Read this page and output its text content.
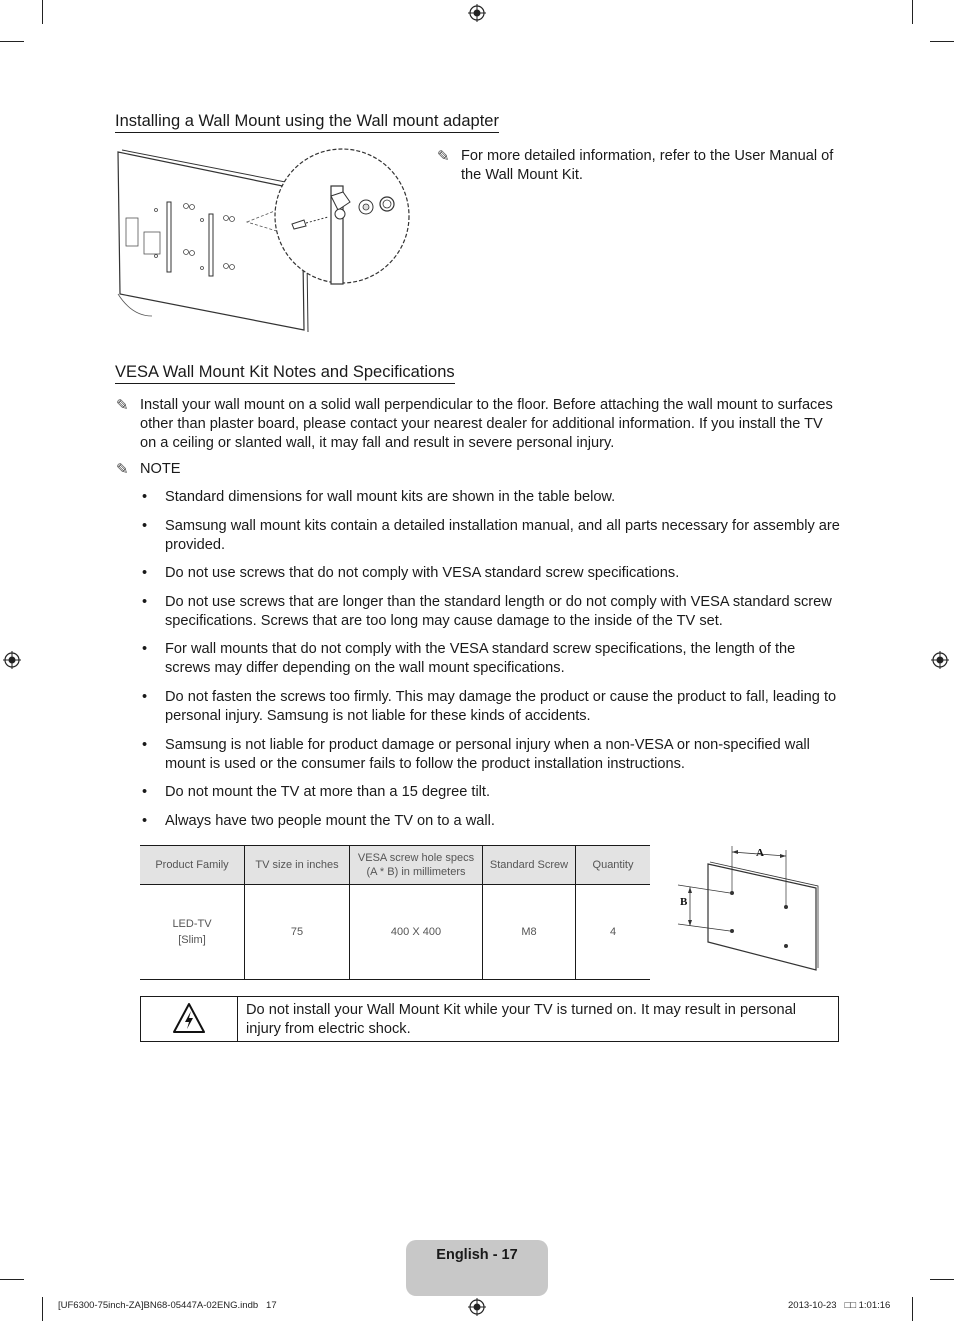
Installing a Wall Mount using the Wall mount adapter
✎ For more detailed information, refer to the User Manual of the Wall Mount Kit.
VESA Wall Mount Kit Notes and Specifications
✎ Install your wall mount on a solid wall perpendicular to the floor. Before attaching the wall mount to surfaces other than plaster board, please contact your nearest dealer for additional information. If you install the TV on a ceiling or slanted wall, it may fall and result in severe personal injury.
✎ NOTE
• Standard dimensions for wall mount kits are shown in the table below.
• Samsung wall mount kits contain a detailed installation manual, and all parts necessary for assembly are provided.
• Do not use screws that do not comply with VESA standard screw specifications.
• Do not use screws that are longer than the standard length or do not comply with VESA standard screw specifications. Screws that are too long may cause damage to the inside of the TV set.
• For wall mounts that do not comply with the VESA standard screw specifications, the length of the screws may differ depending on the wall mount specifications.
• Do not fasten the screws too firmly. This may damage the product or cause the product to fall, leading to personal injury. Samsung is not liable for these kinds of accidents.
• Samsung is not liable for product damage or personal injury when a non-VESA or non-specified wall mount is used or the consumer fails to follow the product installation instructions.
• Do not mount the TV at more than a 15 degree tilt.
• Always have two people mount the TV on to a wall.
Product Family	TV size in inches	VESA screw hole specs (A * B) in millimeters	Standard Screw	Quantity
LED-TV
[Slim]	75	400 X 400	M8	4
A
B
Do not install your Wall Mount Kit while your TV is turned on. It may result in personal injury from electric shock.
English - 17
[UF6300-75inch-ZA]BN68-05447A-02ENG.indb   17	2013-10-23   □□ 1:01:16
